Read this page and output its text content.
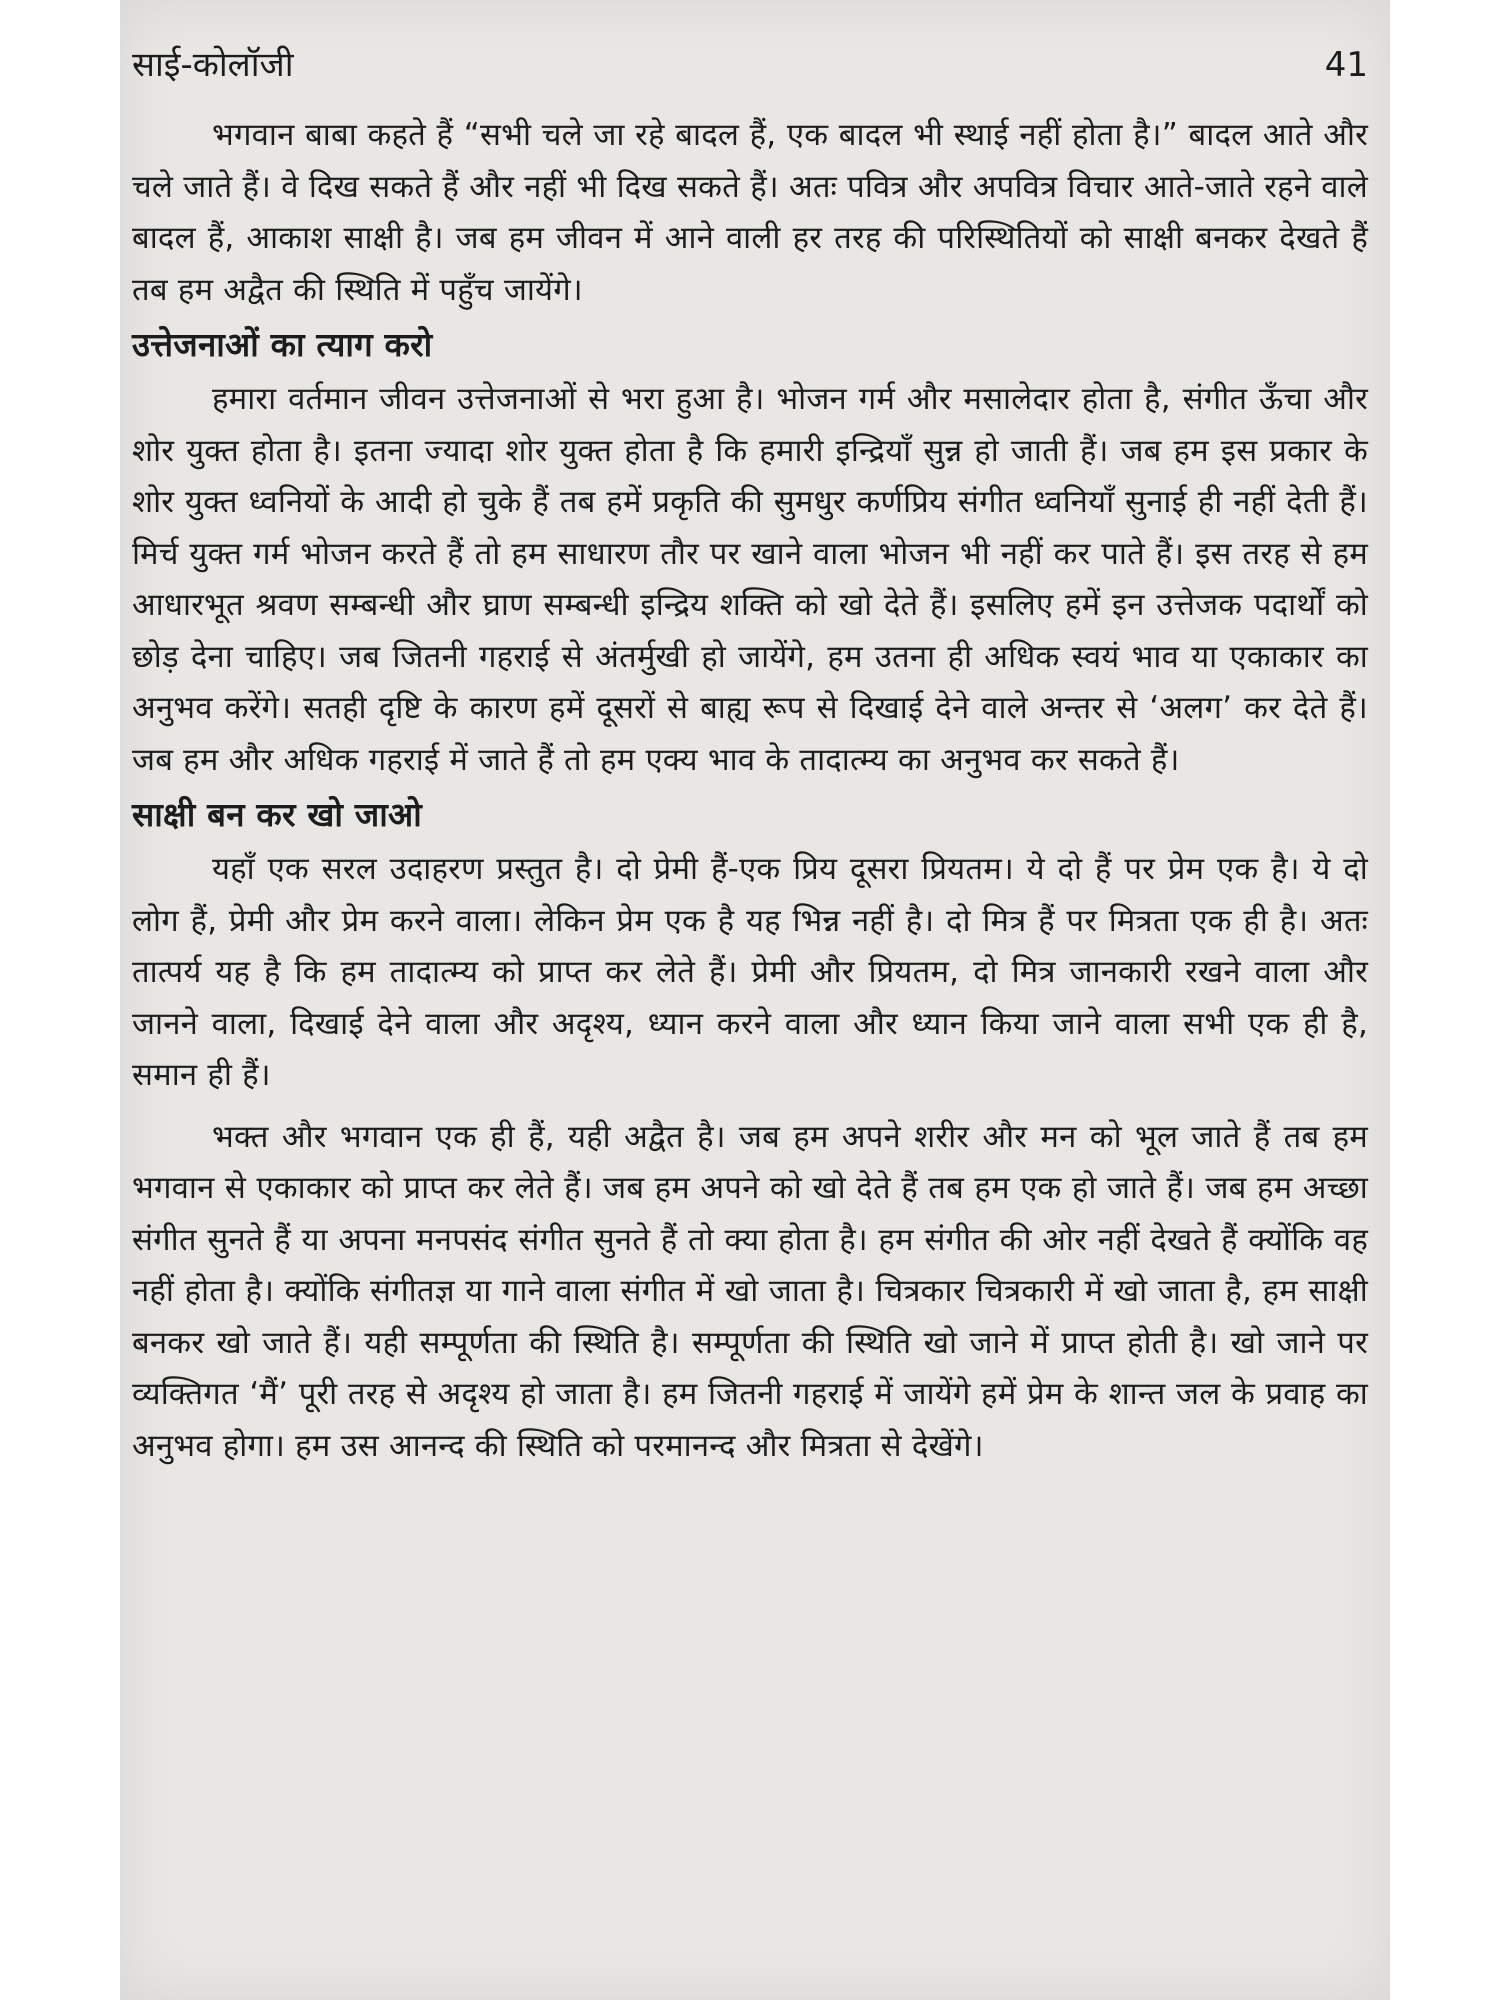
साई-कोलॉजी	41

भगवान बाबा कहते हैं “सभी चले जा रहे बादल हैं, एक बादल भी स्थाई नहीं होता है।” बादल आते और चले जाते हैं। वे दिख सकते हैं और नहीं भी दिख सकते हैं। अतः पवित्र और अपवित्र विचार आते-जाते रहने वाले बादल हैं, आकाश साक्षी है। जब हम जीवन में आने वाली हर तरह की परिस्थितियों को साक्षी बनकर देखते हैं तब हम अद्वैत की स्थिति में पहुँच जायेंगे।

उत्तेजनाओं का त्याग करो

हमारा वर्तमान जीवन उत्तेजनाओं से भरा हुआ है। भोजन गर्म और मसालेदार होता है, संगीत ऊँचा और शोर युक्त होता है। इतना ज्यादा शोर युक्त होता है कि हमारी इन्द्रियाँ सुन्न हो जाती हैं। जब हम इस प्रकार के शोर युक्त ध्वनियों के आदी हो चुके हैं तब हमें प्रकृति की सुमधुर कर्णप्रिय संगीत ध्वनियाँ सुनाई ही नहीं देती हैं। मिर्च युक्त गर्म भोजन करते हैं तो हम साधारण तौर पर खाने वाला भोजन भी नहीं कर पाते हैं। इस तरह से हम आधारभूत श्रवण सम्बन्धी और घ्राण सम्बन्धी इन्द्रिय शक्ति को खो देते हैं। इसलिए हमें इन उत्तेजक पदार्थों को छोड़ देना चाहिए। जब जितनी गहराई से अंतर्मुखी हो जायेंगे, हम उतना ही अधिक स्वयं भाव या एकाकार का अनुभव करेंगे। सतही दृष्टि के कारण हमें दूसरों से बाह्य रूप से दिखाई देने वाले अन्तर से ‘अलग’ कर देते हैं। जब हम और अधिक गहराई में जाते हैं तो हम एक्य भाव के तादात्म्य का अनुभव कर सकते हैं।

साक्षी बन कर खो जाओ

यहाँ एक सरल उदाहरण प्रस्तुत है। दो प्रेमी हैं-एक प्रिय दूसरा प्रियतम। ये दो हैं पर प्रेम एक है। ये दो लोग हैं, प्रेमी और प्रेम करने वाला। लेकिन प्रेम एक है यह भिन्न नहीं है। दो मित्र हैं पर मित्रता एक ही है। अतः तात्पर्य यह है कि हम तादात्म्य को प्राप्त कर लेते हैं। प्रेमी और प्रियतम, दो मित्र जानकारी रखने वाला और जानने वाला, दिखाई देने वाला और अदृश्य, ध्यान करने वाला और ध्यान किया जाने वाला सभी एक ही है, समान ही हैं।

भक्त और भगवान एक ही हैं, यही अद्वैत है। जब हम अपने शरीर और मन को भूल जाते हैं तब हम भगवान से एकाकार को प्राप्त कर लेते हैं। जब हम अपने को खो देते हैं तब हम एक हो जाते हैं। जब हम अच्छा संगीत सुनते हैं या अपना मनपसंद संगीत सुनते हैं तो क्या होता है। हम संगीत की ओर नहीं देखते हैं क्योंकि वह नहीं होता है। क्योंकि संगीतज्ञ या गाने वाला संगीत में खो जाता है। चित्रकार चित्रकारी में खो जाता है, हम साक्षी बनकर खो जाते हैं। यही सम्पूर्णता की स्थिति है। सम्पूर्णता की स्थिति खो जाने में प्राप्त होती है। खो जाने पर व्यक्तिगत ‘मैं’ पूरी तरह से अदृश्य हो जाता है। हम जितनी गहराई में जायेंगे हमें प्रेम के शान्त जल के प्रवाह का अनुभव होगा। हम उस आनन्द की स्थिति को परमानन्द और मित्रता से देखेंगे।
